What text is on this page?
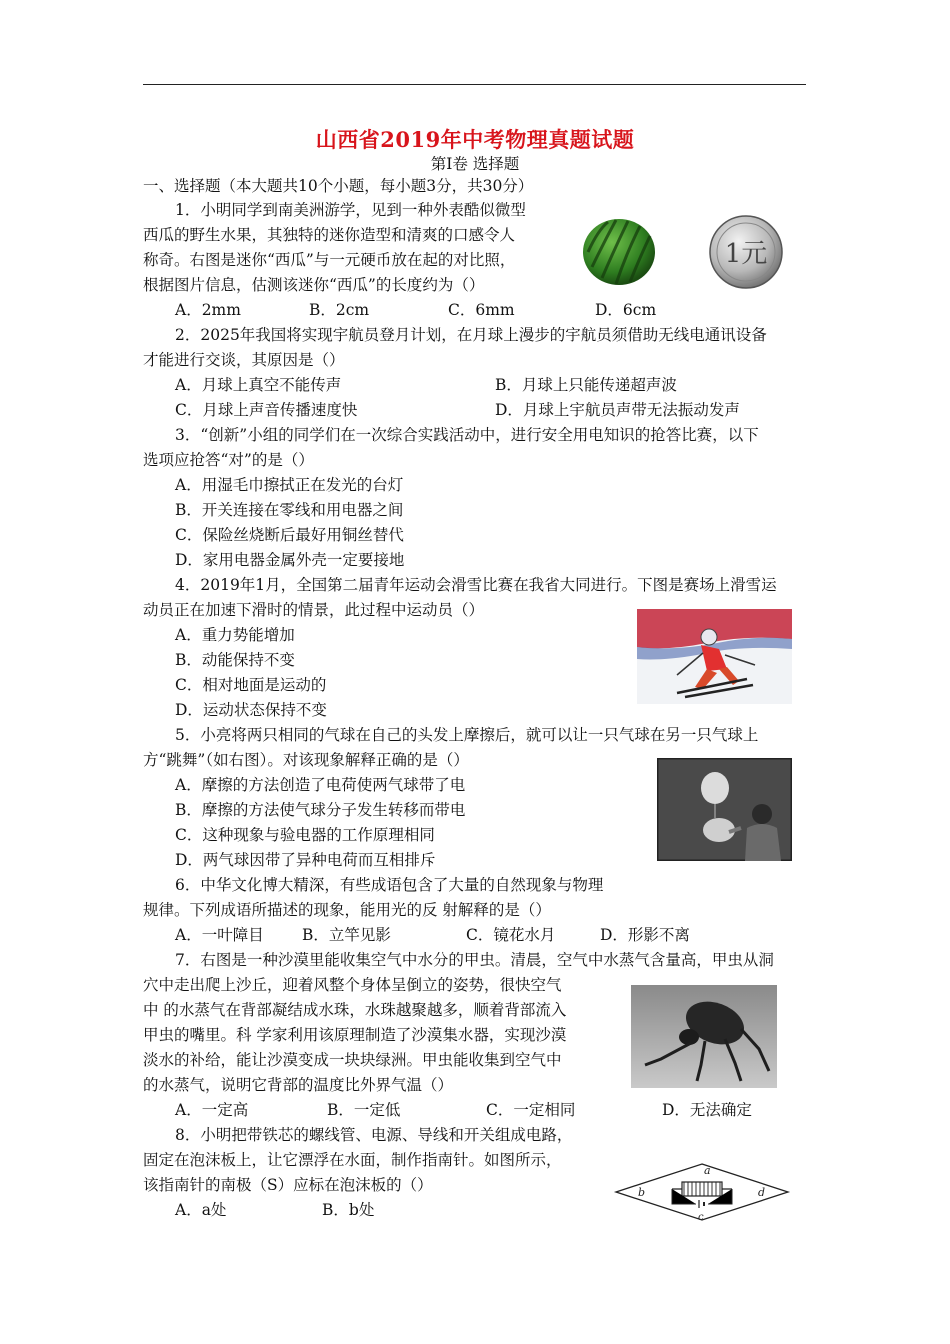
山西省2019年中考物理真题试题
第I卷 选择题
一、选择题（本大题共10个小题，每小题3分，共30分）
1．小明同学到南美洲游学，见到一种外表酷似微型
西瓜的野生水果，其独特的迷你造型和清爽的口感令人
称奇。右图是迷你“西瓜”与一元硬币放在起的对比照，
根据图片信息，估测该迷你“西瓜”的长度约为（）
A．2mm	B．2cm	C．6mm	D．6cm
1元
2．2025年我国将实现宇航员登月计划，在月球上漫步的宇航员须借助无线电通讯设备
才能进行交谈，其原因是（）
A．月球上真空不能传声	B．月球上只能传递超声波
C．月球上声音传播速度快	D．月球上宇航员声带无法振动发声
3．“创新”小组的同学们在一次综合实践活动中，进行安全用电知识的抢答比赛，以下
选项应抢答“对”的是（）
A．用湿毛巾擦拭正在发光的台灯
B．开关连接在零线和用电器之间
C．保险丝烧断后最好用铜丝替代
D．家用电器金属外壳一定要接地
4．2019年1月，全国第二届青年运动会滑雪比赛在我省大同进行。下图是赛场上滑雪运
动员正在加速下滑时的情景，此过程中运动员（）
A．重力势能增加
B．动能保持不变
C．相对地面是运动的
D．运动状态保持不变
5．小亮将两只相同的气球在自己的头发上摩擦后，就可以让一只气球在另一只气球上
方“跳舞”（如右图）。对该现象解释正确的是（）
A．摩擦的方法创造了电荷使两气球带了电
B．摩擦的方法使气球分子发生转移而带电
C．这种现象与验电器的工作原理相同
D．两气球因带了异种电荷而互相排斥
6．中华文化博大精深，有些成语包含了大量的自然现象与物理
规律。下列成语所描述的现象，能用光的反 射解释的是（）
A．一叶障目 B．立竿见影	C．镜花水月	D．形影不离
7．右图是一种沙漠里能收集空气中水分的甲虫。清晨，空气中水蒸气含量高，甲虫从洞
穴中走出爬上沙丘，迎着风整个身体呈倒立的姿势，很快空气
中 的水蒸气在背部凝结成水珠，水珠越聚越多，顺着背部流入
甲虫的嘴里。科 学家利用该原理制造了沙漠集水器，实现沙漠
淡水的补给，能让沙漠变成一块块绿洲。甲虫能收集到空气中
的水蒸气，说明它背部的温度比外界气温（）
A．一定高	B．一定低	C．一定相同	D．无法确定
8．小明把带铁芯的螺线管、电源、导线和开关组成电路，
固定在泡沫板上，让它漂浮在水面，制作指南针。如图所示，
该指南针的南极（S）应标在泡沫板的（）
A．a处	B．b处
a
b
c
d
